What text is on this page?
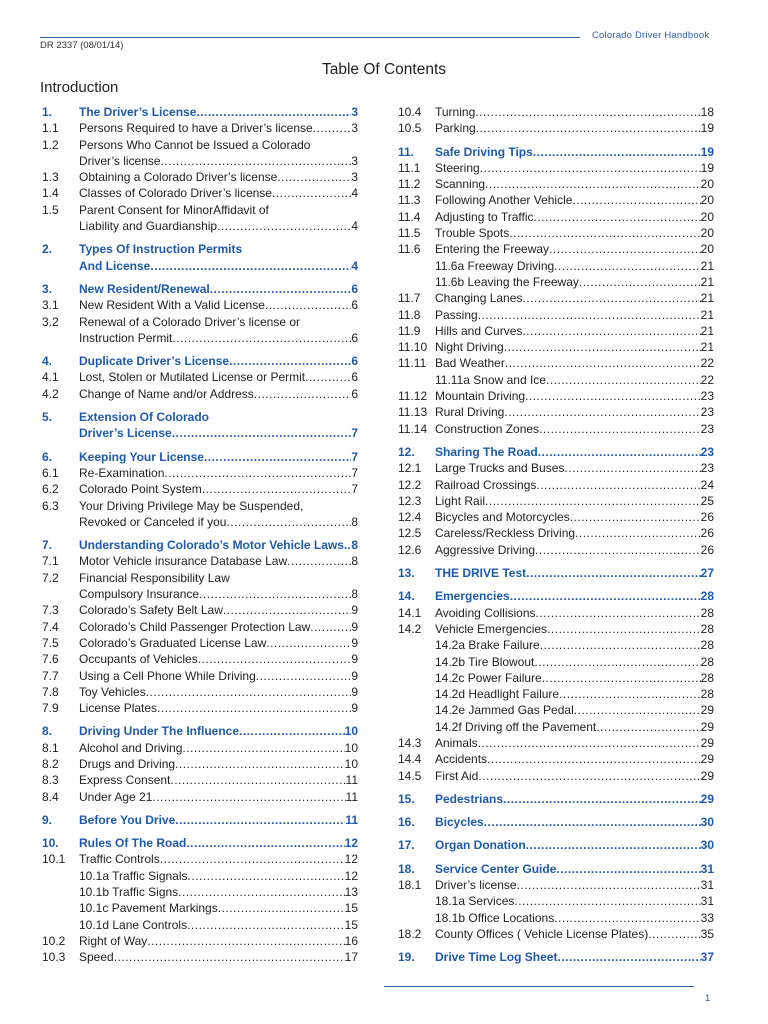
DR 2337 (08/01/14)
Colorado Driver Handbook
Table Of Contents
Introduction
1.	The Driver’s License .....	3
1.1	Persons Required to have a Driver’s license .....	3
1.2	Persons Who Cannot be Issued a Colorado
Driver’s license .....	3
1.3	Obtaining a Colorado Driver’s license .....	3
1.4	Classes of Colorado Driver’s license .....	4
1.5	Parent Consent for MinorAffidavit of
Liability and Guardianship .....	4
2.	Types Of Instruction Permits
And License .....	4
3.	New Resident/Renewal .....	6
3.1	New Resident With a Valid License .....	6
3.2	Renewal of a Colorado Driver’s license or
Instruction Permit .....	6
4.	Duplicate Driver’s License .....	6
4.1	Lost, Stolen or Mutilated License or Permit .....	6
4.2	Change of Name and/or Address .....	6
5.	Extension Of Colorado
Driver’s License .....	7
6.	Keeping Your License .....	7
6.1	Re-Examination .....	7
6.2	Colorado Point System .....	7
6.3	Your Driving Privilege May be Suspended,
Revoked or Canceled if you .....	8
7.	Understanding Colorado’s Motor Vehicle Laws.. ..... 8
7.1	Motor Vehicle insurance Database Law .....	8
7.2	Financial Responsibility Law
Compulsory Insurance .....	8
7.3	Colorado’s Safety Belt Law .....	9
7.4	Colorado’s Child Passenger Protection Law .....	9
7.5	Colorado’s Graduated License Law .....	9
7.6	Occupants of Vehicles .....	9
7.7	Using a Cell Phone While Driving .....	9
7.8	Toy Vehicles .....	9
7.9	License Plates .....	9
8.	Driving Under The Influence .....	10
8.1	Alcohol and Driving .....	10
8.2	Drugs and Driving .....	10
8.3	Express Consent .....	11
8.4	Under Age 21 .....	11
9.	Before You Drive .....	11
10.	Rules Of The Road .....	12
10.1	Traffic Controls .....	12
10.1a Traffic Signals .....	12
10.1b Traffic Signs .....	13
10.1c Pavement Markings .....	15
10.1d Lane Controls .....	15
10.2	Right of Way .....	16
10.3	Speed .....	17
10.4	Turning .....	18
10.5	Parking .....	19
11.	Safe Driving Tips .....	19
11.1	Steering .....	19
11.2	Scanning .....	20
11.3	Following Another Vehicle .....	20
11.4	Adjusting to Traffic .....	20
11.5	Trouble Spots .....	20
11.6	Entering the Freeway .....	20
11.6a Freeway Driving .....	21
11.6b Leaving the Freeway .....	21
11.7	Changing Lanes .....	21
11.8	Passing .....	21
11.9	Hills and Curves .....	21
11.10 Night Driving .....	21
11.11 Bad Weather .....	22
11.11a Snow and Ice .....	22
11.12 Mountain Driving .....	23
11.13 Rural Driving .....	23
11.14 Construction Zones .....	23
12.	Sharing The Road .....	23
12.1	Large Trucks and Buses .....	23
12.2	Railroad Crossings .....	24
12.3	Light Rail .....	25
12.4	Bicycles and Motorcycles .....	26
12.5	Careless/Reckless Driving .....	26
12.6	Aggressive Driving .....	26
13.	THE DRIVE Test .....	27
14.	Emergencies .....	28
14.1	Avoiding Collisions .....	28
14.2	Vehicle Emergencies .....	28
14.2a Brake Failure .....	28
14.2b Tire Blowout .....	28
14.2c Power Failure .....	28
14.2d Headlight Failure .....	28
14.2e Jammed Gas Pedal .....	29
14.2f Driving off the Pavement .....	29
14.3	Animals .....	29
14.4	Accidents .....	29
14.5	First Aid .....	29
15.	Pedestrians .....	29
16.	Bicycles .....	30
17.	Organ Donation .....	30
18.	Service Center Guide .....	31
18.1	Driver’s license .....	31
18.1a Services .....	31
18.1b Office Locations .....	33
18.2	County Offices ( Vehicle License Plates) .....	35
19.	Drive Time Log Sheet .....	37
1
